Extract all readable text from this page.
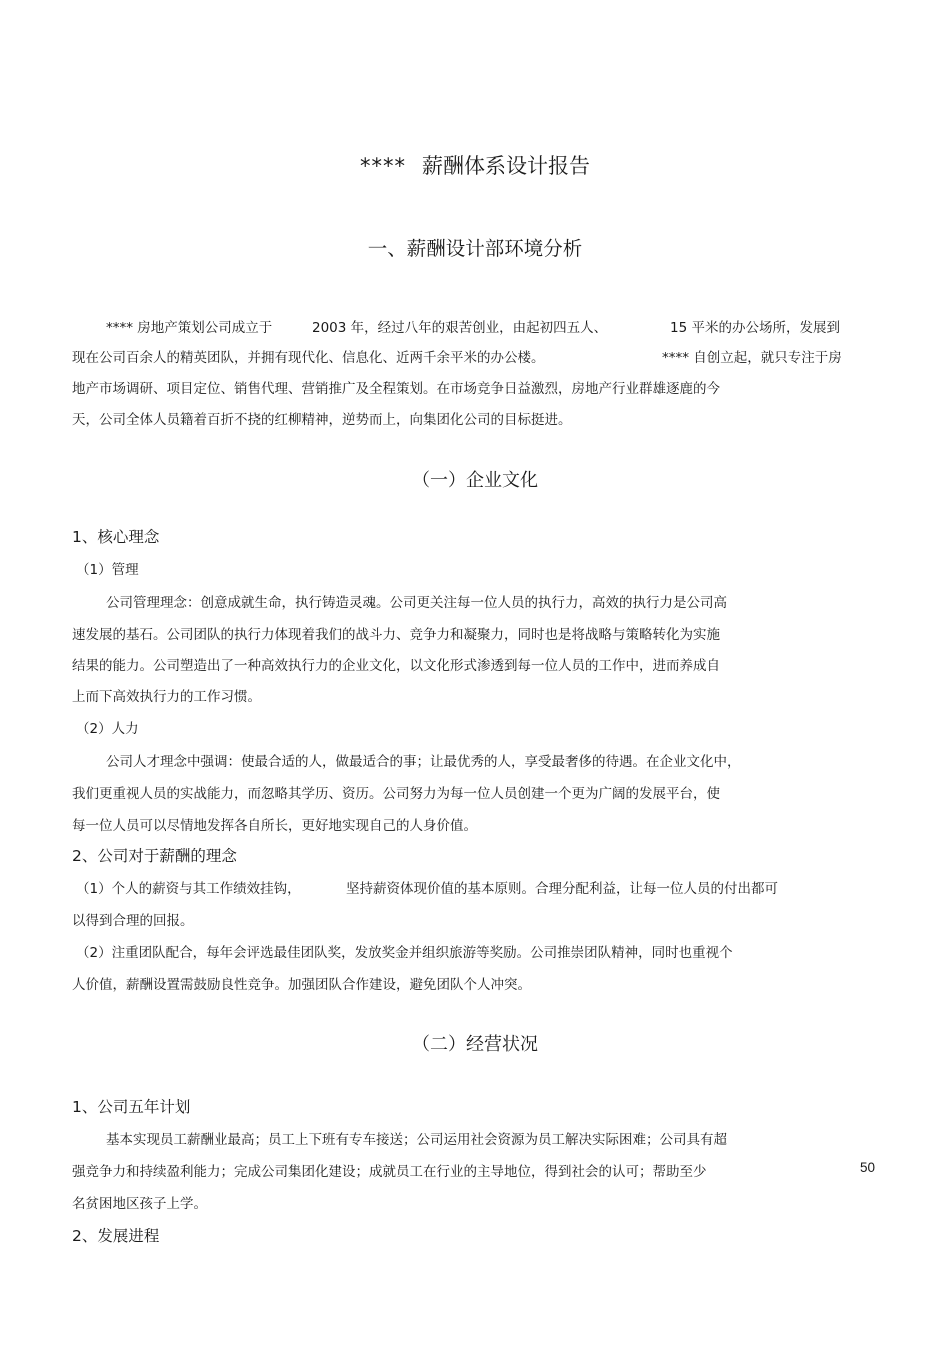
**** 薪酬体系设计报告
一、薪酬设计部环境分析
**** 房地产策划公司成立于	2003 年，经过八年的艰苦创业，由起初四五人、	15 平米的办公场所，发展到
现在公司百余人的精英团队，并拥有现代化、信息化、近两千余平米的办公楼。	**** 自创立起，就只专注于房
地产市场调研、项目定位、销售代理、营销推广及全程策划。在市场竞争日益激烈，房地产行业群雄逐鹿的今
天，公司全体人员籍着百折不挠的红柳精神，逆势而上，向集团化公司的目标挺进。
（一）企业文化
1、核心理念
（1）管理
公司管理理念：创意成就生命，执行铸造灵魂。公司更关注每一位人员的执行力，高效的执行力是公司高
速发展的基石。公司团队的执行力体现着我们的战斗力、竞争力和凝聚力，同时也是将战略与策略转化为实施
结果的能力。公司塑造出了一种高效执行力的企业文化，以文化形式渗透到每一位人员的工作中，进而养成自
上而下高效执行力的工作习惯。
（2）人力
公司人才理念中强调：使最合适的人，做最适合的事；让最优秀的人，享受最奢侈的待遇。在企业文化中，
我们更重视人员的实战能力，而忽略其学历、资历。公司努力为每一位人员创建一个更为广阔的发展平台，使
每一位人员可以尽情地发挥各自所长，更好地实现自己的人身价值。
2、公司对于薪酬的理念
（1）个人的薪资与其工作绩效挂钩，	坚持薪资体现价值的基本原则。合理分配利益，让每一位人员的付出都可
以得到合理的回报。
（2）注重团队配合，每年会评选最佳团队奖，发放奖金并组织旅游等奖励。公司推崇团队精神，同时也重视个
人价值，薪酬设置需鼓励良性竞争。加强团队合作建设，避免团队个人冲突。
（二）经营状况
1、公司五年计划
基本实现员工薪酬业最高；员工上下班有专车接送；公司运用社会资源为员工解决实际困难；公司具有超
强竞争力和持续盈利能力；完成公司集团化建设；成就员工在行业的主导地位，得到社会的认可；帮助至少	50
名贫困地区孩子上学。
2、发展进程
